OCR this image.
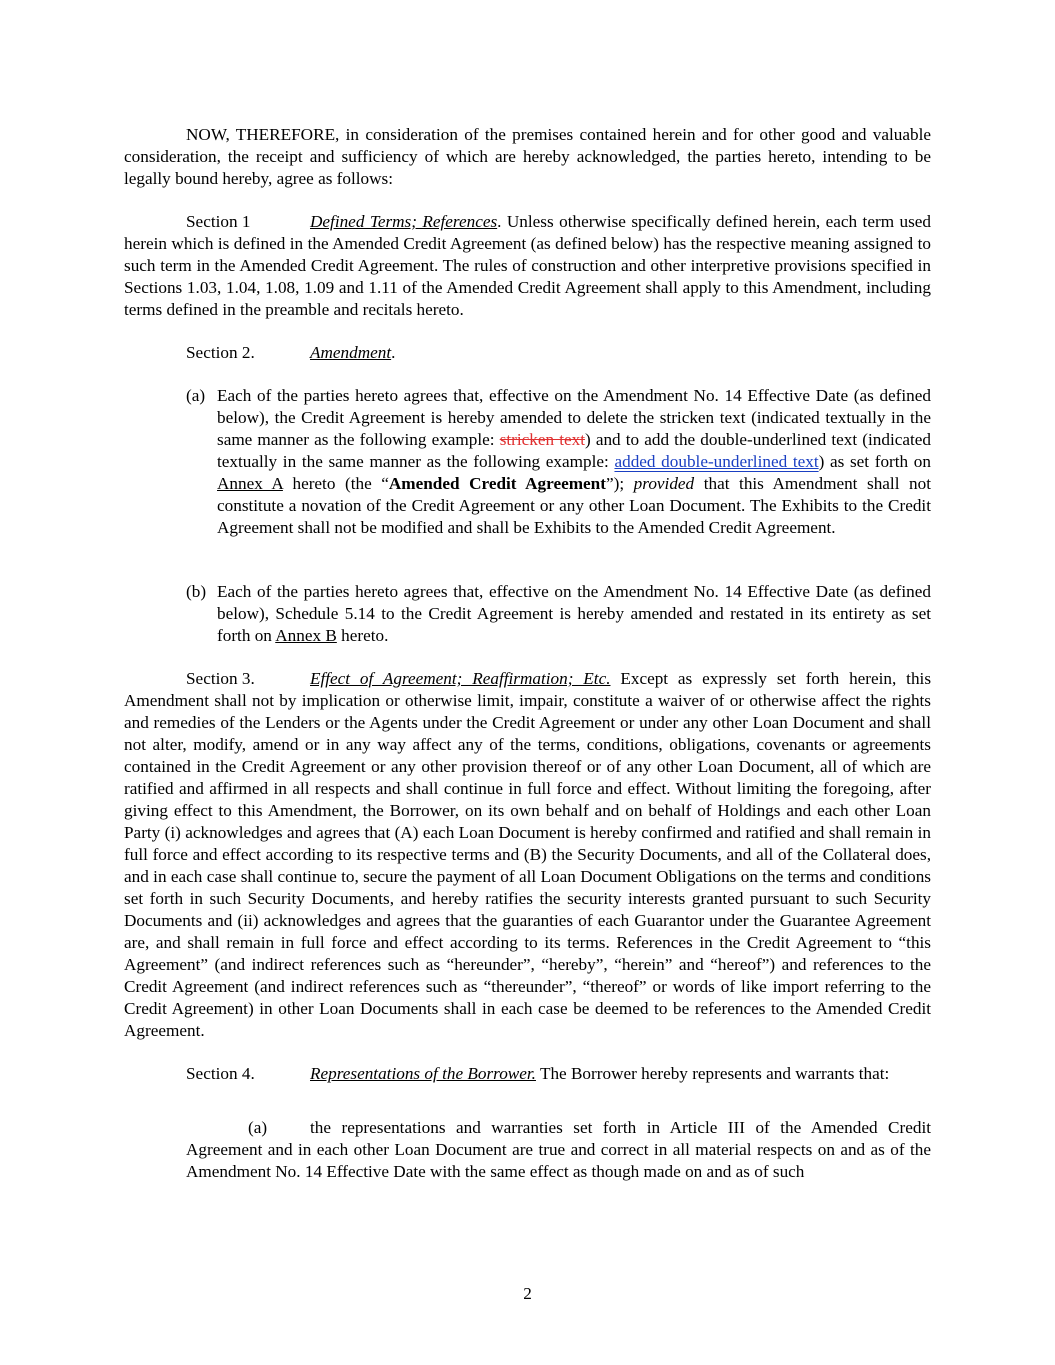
NOW, THEREFORE, in consideration of the premises contained herein and for other good and valuable consideration, the receipt and sufficiency of which are hereby acknowledged, the parties hereto, intending to be legally bound hereby, agree as follows:

Section 1	Defined Terms; References. Unless otherwise specifically defined herein, each term used herein which is defined in the Amended Credit Agreement (as defined below) has the respective meaning assigned to such term in the Amended Credit Agreement. The rules of construction and other interpretive provisions specified in Sections 1.03, 1.04, 1.08, 1.09 and 1.11 of the Amended Credit Agreement shall apply to this Amendment, including terms defined in the preamble and recitals hereto.

Section 2.	Amendment.

(a) Each of the parties hereto agrees that, effective on the Amendment No. 14 Effective Date (as defined below), the Credit Agreement is hereby amended to delete the stricken text (indicated textually in the same manner as the following example: stricken text) and to add the double-underlined text (indicated textually in the same manner as the following example: added double-underlined text) as set forth on Annex A hereto (the “Amended Credit Agreement”); provided that this Amendment shall not constitute a novation of the Credit Agreement or any other Loan Document. The Exhibits to the Credit Agreement shall not be modified and shall be Exhibits to the Amended Credit Agreement.

(b) Each of the parties hereto agrees that, effective on the Amendment No. 14 Effective Date (as defined below), Schedule 5.14 to the Credit Agreement is hereby amended and restated in its entirety as set forth on Annex B hereto.

Section 3.	Effect of Agreement; Reaffirmation; Etc. Except as expressly set forth herein, this Amendment shall not by implication or otherwise limit, impair, constitute a waiver of or otherwise affect the rights and remedies of the Lenders or the Agents under the Credit Agreement or under any other Loan Document and shall not alter, modify, amend or in any way affect any of the terms, conditions, obligations, covenants or agreements contained in the Credit Agreement or any other provision thereof or of any other Loan Document, all of which are ratified and affirmed in all respects and shall continue in full force and effect. Without limiting the foregoing, after giving effect to this Amendment, the Borrower, on its own behalf and on behalf of Holdings and each other Loan Party (i) acknowledges and agrees that (A) each Loan Document is hereby confirmed and ratified and shall remain in full force and effect according to its respective terms and (B) the Security Documents, and all of the Collateral does, and in each case shall continue to, secure the payment of all Loan Document Obligations on the terms and conditions set forth in such Security Documents, and hereby ratifies the security interests granted pursuant to such Security Documents and (ii) acknowledges and agrees that the guaranties of each Guarantor under the Guarantee Agreement are, and shall remain in full force and effect according to its terms. References in the Credit Agreement to “this Agreement” (and indirect references such as “hereunder”, “hereby”, “herein” and “hereof”) and references to the Credit Agreement (and indirect references such as “thereunder”, “thereof” or words of like import referring to the Credit Agreement) in other Loan Documents shall in each case be deemed to be references to the Amended Credit Agreement.

Section 4.	Representations of the Borrower. The Borrower hereby represents and warrants that:

(a) the representations and warranties set forth in Article III of the Amended Credit Agreement and in each other Loan Document are true and correct in all material respects on and as of the Amendment No. 14 Effective Date with the same effect as though made on and as of such

2
